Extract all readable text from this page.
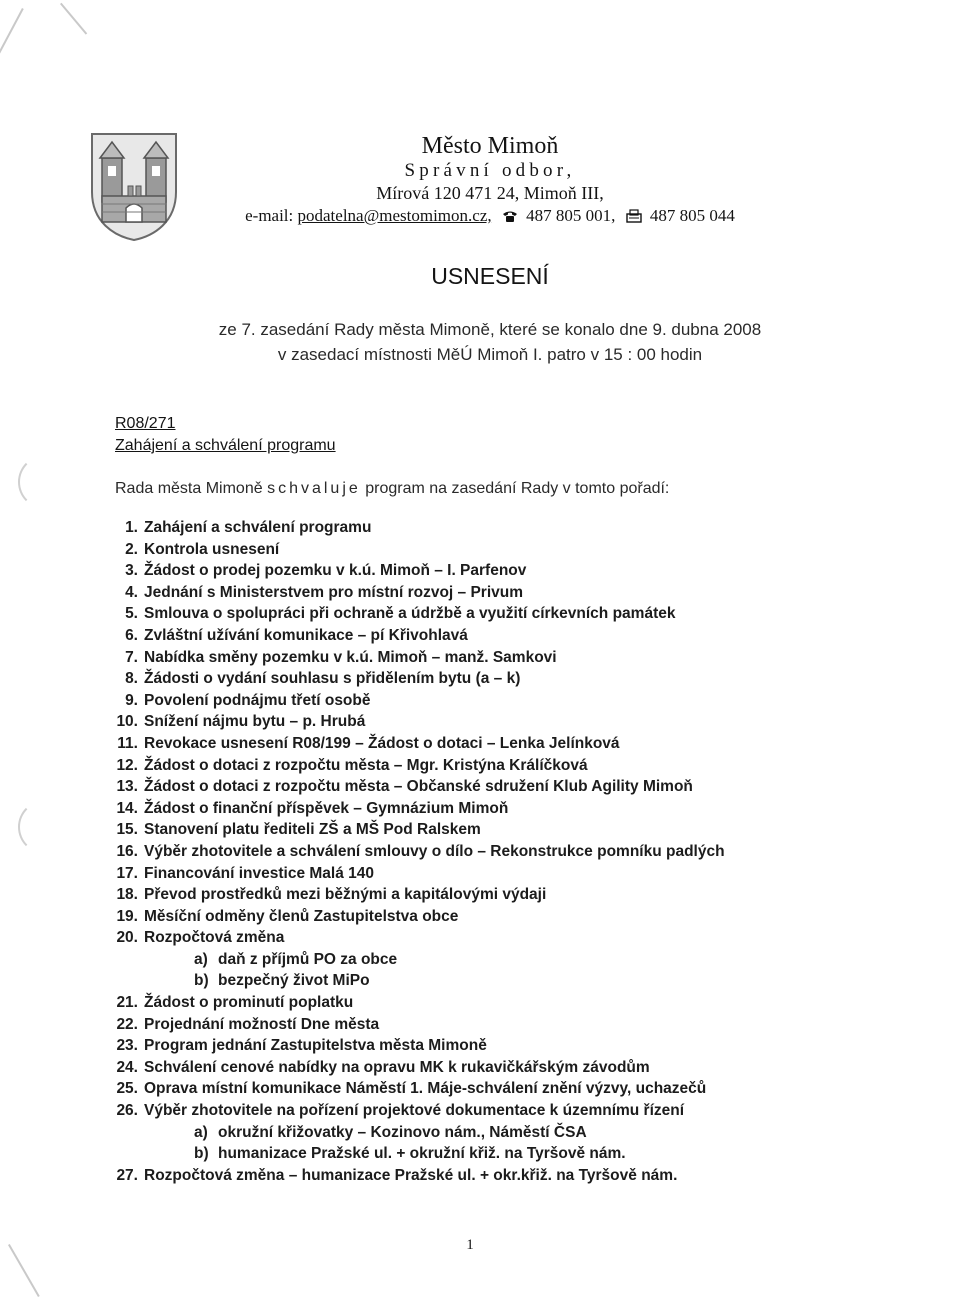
Město Mimoň
Správní odbor,
Mírová 120 471 24, Mimoň III,
e-mail: podatelna@mestomimon.cz, 487 805 001, 487 805 044
USNESENÍ
ze 7. zasedání Rady města Mimoně, které se konalo dne 9. dubna 2008
v zasedací místnosti MěÚ Mimoň I. patro v 15 : 00 hodin
R08/271
Zahájení a schválení programu
Rada města Mimoně schvaluje program na zasedání Rady v tomto pořadí:
1. Zahájení a schválení programu
2. Kontrola usnesení
3. Žádost o prodej pozemku v k.ú. Mimoň – I. Parfenov
4. Jednání s Ministerstvem pro místní rozvoj – Privum
5. Smlouva o spolupráci při ochraně a údržbě a využití církevních památek
6. Zvláštní užívání komunikace – pí Křivohlavá
7. Nabídka směny pozemku v k.ú. Mimoň – manž. Samkovi
8. Žádosti o vydání souhlasu s přidělením bytu (a – k)
9. Povolení podnájmu třetí osobě
10. Snížení nájmu bytu – p. Hrubá
11. Revokace usnesení R08/199 – Žádost o dotaci – Lenka Jelínková
12. Žádost o dotaci z rozpočtu města – Mgr. Kristýna Králíčková
13. Žádost o dotaci z rozpočtu města – Občanské sdružení Klub Agility Mimoň
14. Žádost o finanční příspěvek – Gymnázium Mimoň
15. Stanovení platu řediteli ZŠ a MŠ Pod Ralskem
16. Výběr zhotovitele a schválení smlouvy o dílo – Rekonstrukce pomníku padlých
17. Financování investice Malá 140
18. Převod prostředků mezi běžnými a kapitálovými výdaji
19. Měsíční odměny členů Zastupitelstva obce
20. Rozpočtová změna
a) daň z příjmů PO za obce
b) bezpečný život MiPo
21. Žádost o prominutí poplatku
22. Projednání možností Dne města
23. Program jednání Zastupitelstva města Mimoně
24. Schválení cenové nabídky na opravu MK k rukavičkářským závodům
25. Oprava místní komunikace Náměstí 1. Máje-schválení znění výzvy, uchazečů
26. Výběr zhotovitele na pořízení projektové dokumentace k územnímu řízení
a) okružní křižovatky – Kozinovo nám., Náměstí ČSA
b) humanizace Pražské ul. + okružní křiž. na Tyršově nám.
27. Rozpočtová změna – humanizace Pražské ul. + okr.křiž. na Tyršově nám.
1
